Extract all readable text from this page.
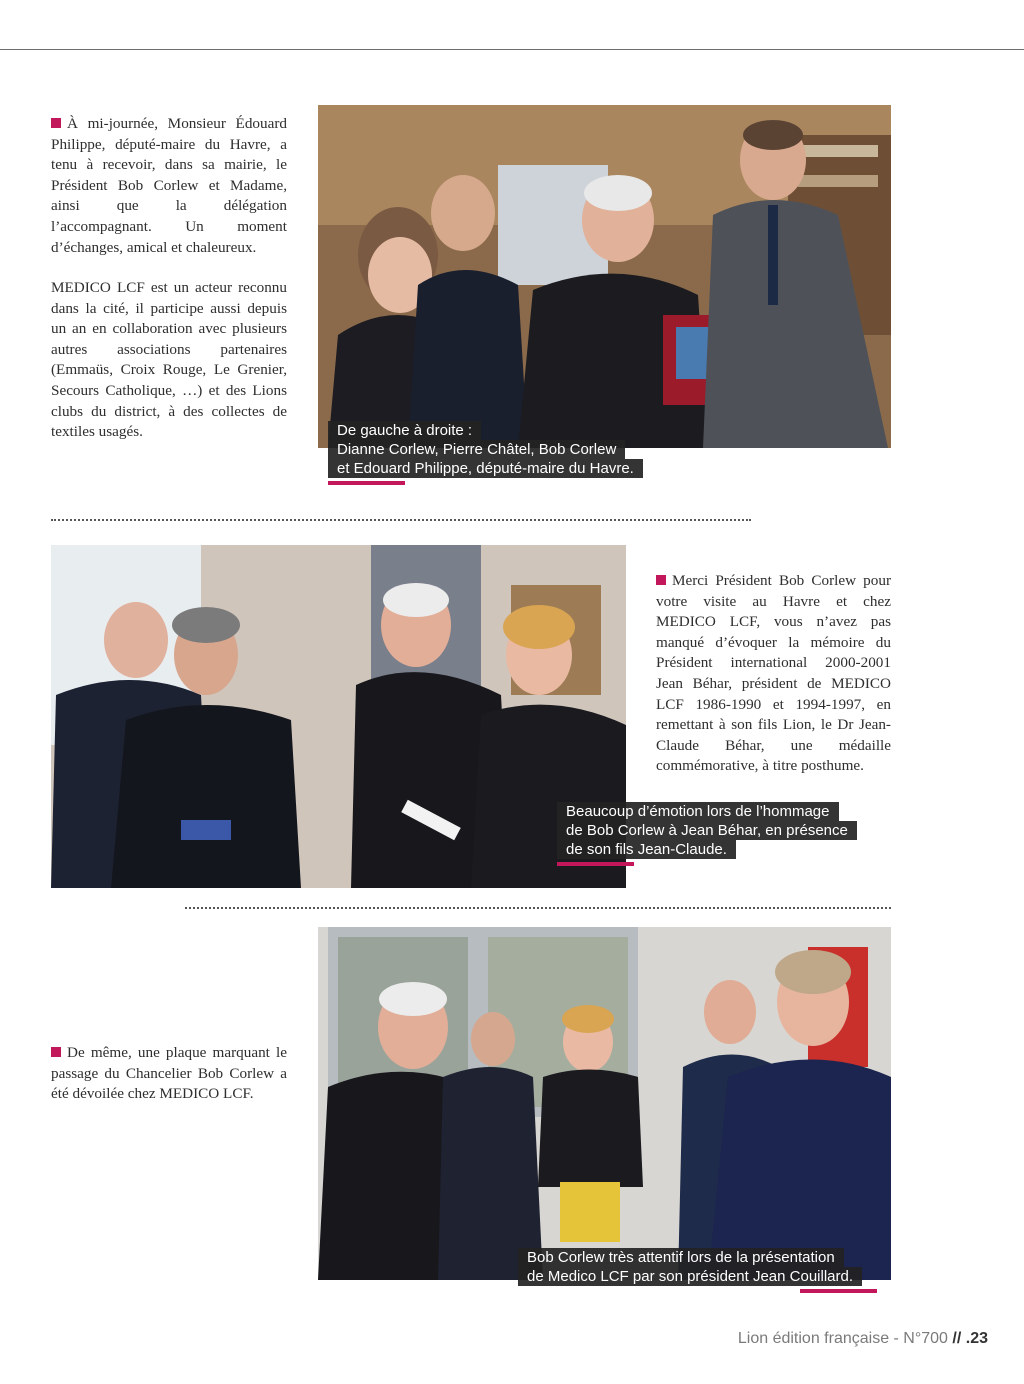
À mi-journée, Monsieur Édouard Philippe, député-maire du Havre, a tenu à recevoir, dans sa mairie, le Président Bob Corlew et Madame, ainsi que la délégation l’accompagnant. Un moment d’échanges, amical et chaleureux.

MEDICO LCF est un acteur reconnu dans la cité, il participe aussi depuis un an en collaboration avec plusieurs autres associations partenaires (Emmaüs, Croix Rouge, Le Grenier, Secours Catholique, …) et des Lions clubs du district, à des collectes de textiles usagés.	De gauche à droite :
Dianne Corlew, Pierre Châtel, Bob Corlew
et Edouard Philippe, député-maire du Havre.

Merci Président Bob Corlew pour votre visite au Havre et chez MEDICO LCF, vous n’avez pas manqué d’évoquer la mémoire du Président international 2000-2001 Jean Béhar, président de MEDICO LCF 1986-1990 et 1994-1997, en remettant à son fils Lion, le Dr Jean-Claude Béhar, une médaille commémorative, à titre posthume.

Beaucoup d’émotion lors de l’hommage
de Bob Corlew à Jean Béhar, en présence
de son fils Jean-Claude.

De même, une plaque marquant le passage du Chancelier Bob Corlew a été dévoilée chez MEDICO LCF.

Bob Corlew très attentif lors de la présentation
de Medico LCF par son président Jean Couillard.
Lion édition française - N°700 // .23
